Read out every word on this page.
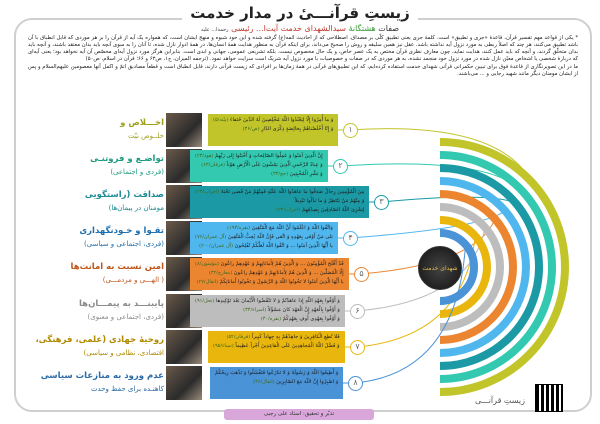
زیستِ قرآنـــیٔ در مدار خدمت
صفات هشتگانهٔ سیدالشهدای خدمت آیت‌ا... رئیسی رحمة‌ا... علیه

* یکی از قواعد مهم تفسیر قرآن، قاعدهٔ «جری و تطبیق» است. کلمهٔ جری یعنی تطبیق کلّی بر مصداق. اصطلاحی که از احادیث ائمه(ع) گرفته شده و این خود شیوه و منهج ایشان است، که همواره یک آیه از قرآن را بر هر موردی که قابل انطباق با آن باشد تطبیق می‌کنند، هر چند که اصلاً ربطی به مورد نزول آیه نداشته باشد. عقل نیز همین سلیقه و روش را صحیح می‌داند، برای اینکه قرآن به منظور هدایت همهٔ انسان‌ها، در همهٔ ادوار نازل شده، تا آنان را به سوی آنچه باید بدان معتقد باشند، و آنچه باید بدان متخلّق گردند، و آنچه که باید عمل کنند، هدایت نماید، چون معارف نظری قرآن مختص به یک عصر خاص، و یک حال مخصوص نیست. بلکه تشریعی عمومی، جهانی و ابدی است. بنابراین هرگز مورد نزول آیه‌ای مخصّص آن آیه نخواهد بود؛ یعنی آیه‌ای که دربارهٔ شخصی یا اشخاص معیّن نازل شده در مورد نزول خود منجمد نشده، به هر موردی که در صفات و خصوصیات با مورد نزول آیه شریک است سرایت خواهد نمود. (ترجمه المیزان، ج۱، ص۶۳ و ۶۶؛ قرآن در اسلام، ص۵۰)

ما در این تصویرنگاری از قاعدهٔ فوق برای تبیین حکمرانی قرآنی شهدای خدمت استفاده کرده‌ایم، که این تطبیق‌های قرآنی در همهٔ زمان‌ها بر افرادی که زیست قرآنی دارند، قابل انطباق است و قطعاً مصادیق اتمّ و اکمل آنها معصومین علیهم‌السلام و پس از ایشان مومنان دیگر مانند شهید رجایی و ... می‌باشند.

اخـــلاص و
خلــوص نیّت
وَ ما أُمِرُوا إِلّا لِیَعْبُدُوا اللّهَ مُخْلِصِینَ لَهُ الدِّینَ حُنَفاءَ (بیّنه/۵)
وَ إِنّا أَخْلَصْناهُمْ بِخالِصَةٍ ذِکْرَى الدّارِ (ص/۴۶)
تواضـع و فروتنـی
(فردی و اجتماعی)
إِنَّ الَّذِینَ آمَنُوا وَ عَمِلُوا الصّالِحاتِ وَ أَخْبَتُوا إِلى رَبِّهِمْ (هود/۲۳)
وَ عِبادُ الرَّحْمنِ الَّذِینَ یَمْشُونَ عَلَى الْأَرْضِ هَوْناً (فرقان/۶۳)
وَ بَشِّرِ الْمُخْبِتِینَ (حج/۳۴)
صداقت (راستگویی
مومنان در پیمان‌ها)
مِنَ الْمُؤْمِنِینَ رِجالٌ صَدَقُوا ما عاهَدُوا اللّهَ عَلَیْهِ فَمِنْهُمْ مَنْ قَضى نَحْبَهُ (احزاب/۲۳)
وَ مِنْهُمْ مَنْ یَنْتَظِرُ وَ ما بَدَّلُوا تَبْدِیلاً
لِیَجْزِیَ اللّهُ الصّادِقِینَ بِصِدْقِهِمْ (احزاب/۲۴)
تقـوا و خـودنگهداری
(فردی، اجتماعی و سیاسی)
وَاتَّقُوا اللّهَ وَ اعْلَمُوا أَنَّ اللّهَ مَعَ الْمُتَّقِینَ (بقره/۱۹۴)
بَلى مَنْ أَوْفى بِعَهْدِهِ وَ اتَّقى فَإِنَّ اللّهَ یُحِبُّ الْمُتَّقِینَ (آل عمران/۷۶)
یا أَیُّهَا الَّذِینَ آمَنُوا ... وَ اتَّقُوا اللّهَ لَعَلَّکُمْ تُفْلِحُونَ (آل عمران/۲۰۰)
امین نسبت به امانت‌ها
( الهـــی و مردمـــی)
قَدْ أَفْلَحَ الْمُؤْمِنُونَ ... وَ الَّذِینَ هُمْ لِأَماناتِهِمْ وَ عَهْدِهِمْ راعُونَ (مؤمنون/۸)
إِلَّا الْمُصَلِّینَ ... وَ الَّذِینَ هُمْ لِأَماناتِهِمْ وَ عَهْدِهِمْ راعُونَ (معارج/۳۲)
یا أَیُّهَا الَّذِینَ آمَنُوا لا تَخُونُوا اللّهَ وَ الرَّسُولَ وَ تَخُونُوا أَماناتِکُمْ (انفال/۲۷)
پایبنـــد به پیمـــان‌ها
(فردی، اجتماعی و معنوی)
وَ أَوْفُوا بِعَهْدِ اللّهِ إِذا عاهَدْتُمْ وَ لا تَنْقُضُوا الْأَیْمانَ بَعْدَ تَوْکِیدِها (نحل/۹۱)
وَ أَوْفُوا بِالْعَهْدِ إِنَّ الْعَهْدَ کانَ مَسْؤُلاً (اسراء/۳۴)
وَ أَوْفُوا بِعَهْدِی أُوفِ بِعَهْدِکُمْ (بقره/۴۰)
روحیهٔ جهادی (علمی، فرهنگی،
اقتصادی، نظامی و سیاسی)
فَلا تُطِعِ الْکافِرِینَ وَ جاهِدْهُمْ بِهِ جِهاداً کَبِیراً (فرقان/۵۲)
وَ فَضَّلَ اللّهُ الْمُجاهِدِینَ عَلَى الْقاعِدِینَ أَجْراً عَظِیماً (نساء/۹۵)
عدم ورود به منازعات سیاسی
کاهنـده برای حفظ وحدت
وَ أَطِیعُوا اللّهَ وَ رَسُولَهُ وَ لا تَنازَعُوا فَتَفْشَلُوا وَ تَذْهَبَ رِیحُکُمْ
وَ اصْبِرُوا إِنَّ اللّهَ مَعَ الصّابِرِینَ (انفال/۴۶)
شهدای خدمت
تدبّر و تحقیق: استاد علی رجبی
زیستِ قرآنـــی
۱
۲
۳
۴
۵
۶
۷
۸
